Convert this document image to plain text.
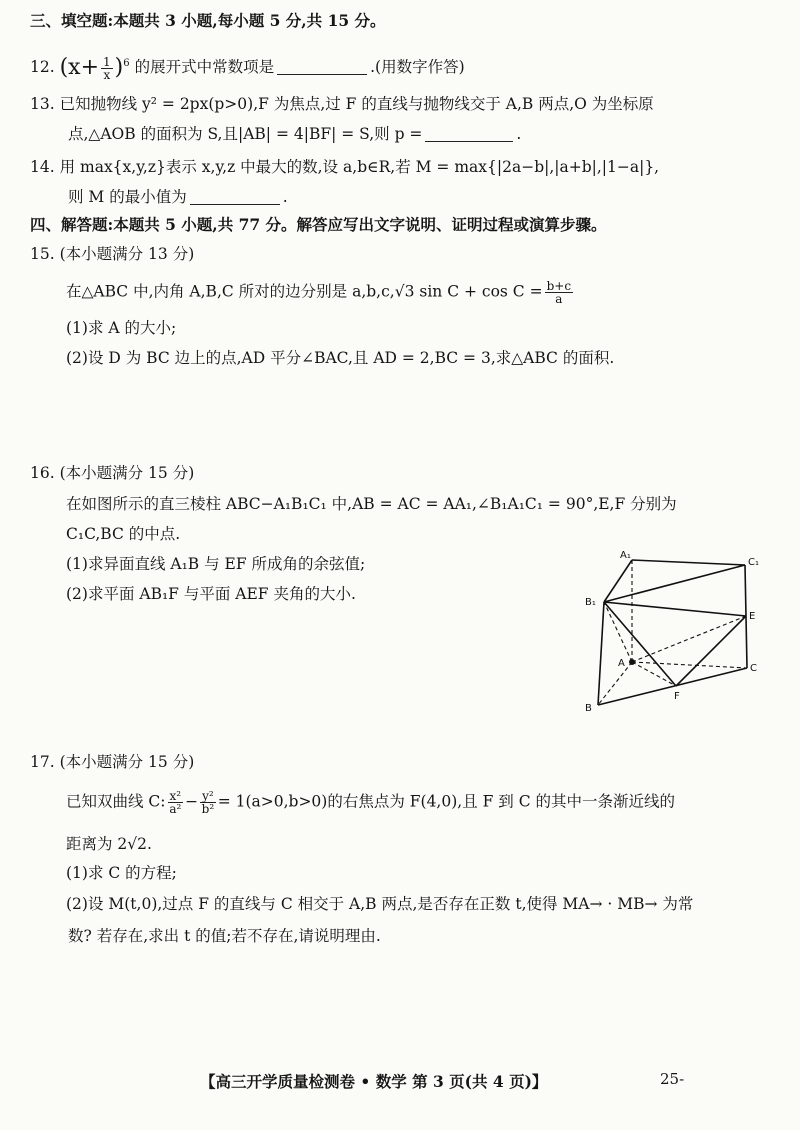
三、填空题:本题共 3 小题,每小题 5 分,共 15 分。
12. $(x+ \frac{1}{x} )^6$ 的展开式中常数项是	.(用数字作答)
13. 已知抛物线 y² = 2px(p>0),F 为焦点,过 F 的直线与抛物线交于 A,B 两点,O 为坐标原
点,△AOB 的面积为 S,且|AB| = 4|BF| = S,则 p =	.
14. 用 max{x,y,z}表示 x,y,z 中最大的数,设 a,b∈R,若 M = max{|2a−b|,|a+b|,|1−a|},
则 M 的最小值为	.
四、解答题:本题共 5 小题,共 77 分。解答应写出文字说明、证明过程或演算步骤。
15. (本小题满分 13 分)
在△ABC 中,内角 A,B,C 所对的边分别是 a,b,c,√3 $\sin C + \cos C = \frac{b+c}{a}$
(1)求 A 的大小;
(2)设 D 为 BC 边上的点,AD 平分∠BAC,且 AD = 2,BC = 3,求△ABC 的面积.
16. (本小题满分 15 分)
在如图所示的直三棱柱 ABC−A₁B₁C₁ 中,AB = AC = AA₁,∠B₁A₁C₁ = 90°,E,F 分别为
C₁C,BC 的中点.
(1)求异面直线 A₁B 与 EF 所成角的余弦值;
(2)求平面 AB₁F 与平面 AEF 夹角的大小.
A₁
C₁
B₁
E
A	C
F
B
17. (本小题满分 15 分)
已知双曲线 C: $\frac{\text{x²}}{\text{a²}} - \frac{\text{y²}}{\text{b²}} = 1(a>0,b>0)$的右焦点为 F(4,0),且 F 到 C 的其中一条渐近线的
距离为 2√2.
(1)求 C 的方程;
(2)设 M(t,0),过点 F 的直线与 C 相交于 A,B 两点,是否存在正数 t,使得 MA→ · MB→ 为常
数? 若存在,求出 t 的值;若不存在,请说明理由.
【高三开学质量检测卷 • 数学 第 3 页(共 4 页)】	25-
